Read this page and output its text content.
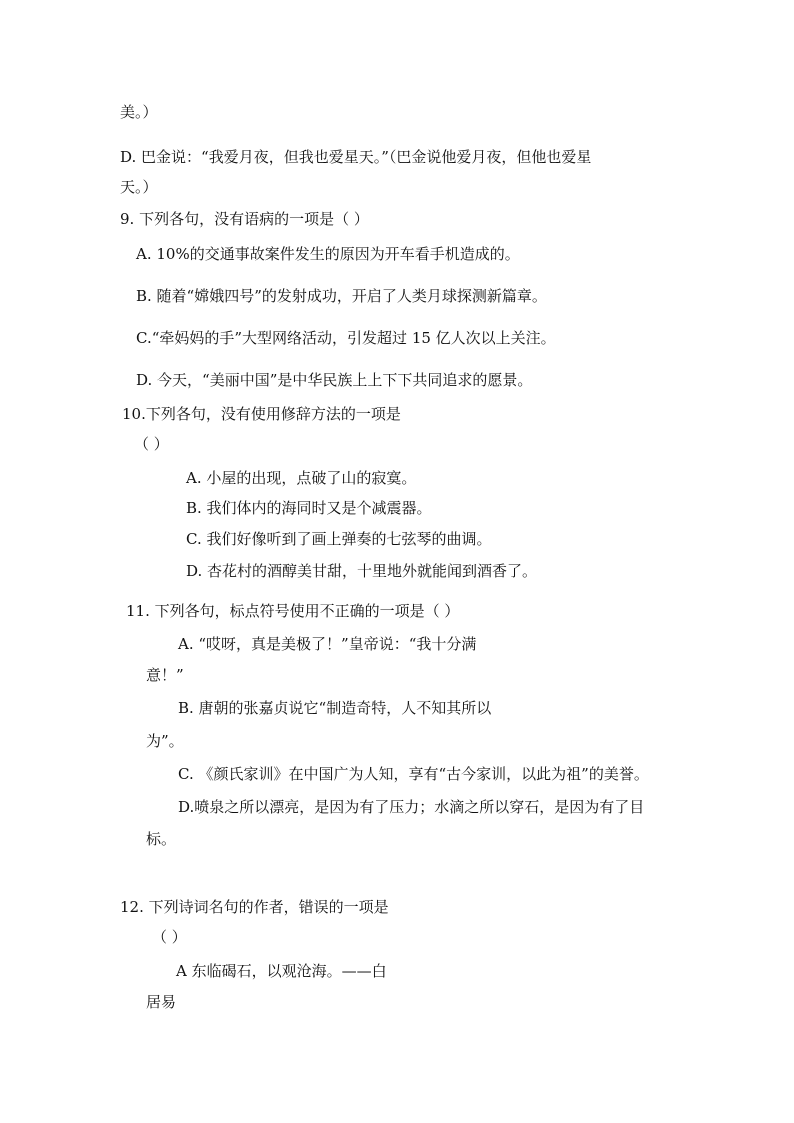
美。）
D. 巴金说：“我爱月夜，但我也爱星天。”（巴金说他爱月夜，但他也爱星
天。）
9. 下列各句，没有语病的一项是（ ）
A. 10%的交通事故案件发生的原因为开车看手机造成的。
B. 随着“嫦娥四号”的发射成功，开启了人类月球探测新篇章。
C.“牵妈妈的手”大型网络活动，引发超过 15 亿人次以上关注。
D. 今天，“美丽中国”是中华民族上上下下共同追求的愿景。
10.下列各句，没有使用修辞方法的一项是
（ ）
A. 小屋的出现，点破了山的寂寞。
B. 我们体内的海同时又是个减震器。
C. 我们好像听到了画上弹奏的七弦琴的曲调。
D. 杏花村的酒醇美甘甜，十里地外就能闻到酒香了。
11. 下列各句，标点符号使用不正确的一项是（ ）
A. “哎呀，真是美极了！”皇帝说：“我十分满
意！”
B. 唐朝的张嘉贞说它“制造奇特，人不知其所以
为”。
C. 《颜氏家训》在中国广为人知，享有“古今家训，以此为祖”的美誉。
D.喷泉之所以漂亮，是因为有了压力；水滴之所以穿石，是因为有了目
标。
12. 下列诗词名句的作者，错误的一项是
（ ）
A 东临碣石，以观沧海。——白
居易
